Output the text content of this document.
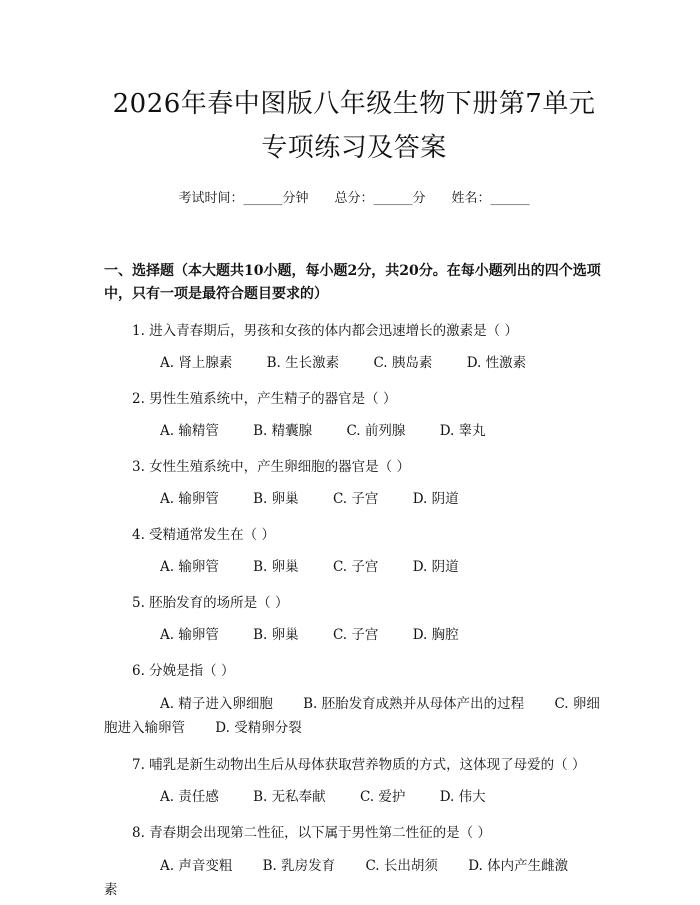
2026年春中图版八年级生物下册第7单元专项练习及答案
考试时间：______分钟 总分：______分 姓名：______
一、选择题（本大题共10小题，每小题2分，共20分。在每小题列出的四个选项中，只有一项是最符合题目要求的）
1. 进入青春期后，男孩和女孩的体内都会迅速增长的激素是（ ）
A. 肾上腺素	B. 生长激素	C. 胰岛素	D. 性激素
2. 男性生殖系统中，产生精子的器官是（ ）
A. 输精管	B. 精囊腺	C. 前列腺	D. 睾丸
3. 女性生殖系统中，产生卵细胞的器官是（ ）
A. 输卵管	B. 卵巢	C. 子宫	D. 阴道
4. 受精通常发生在（ ）
A. 输卵管	B. 卵巢	C. 子宫	D. 阴道
5. 胚胎发育的场所是（ ）
A. 输卵管	B. 卵巢	C. 子宫	D. 胸腔
6. 分娩是指（ ）
A. 精子进入卵细胞 B. 胚胎发育成熟并从母体产出的过程 C. 卵细胞进入输卵管 D. 受精卵分裂
7. 哺乳是新生动物出生后从母体获取营养物质的方式，这体现了母爱的（ ）
A. 责任感	B. 无私奉献	C. 爱护	D. 伟大
8. 青春期会出现第二性征，以下属于男性第二性征的是（ ）
A. 声音变粗 B. 乳房发育 C. 长出胡须 D. 体内产生雌激素
